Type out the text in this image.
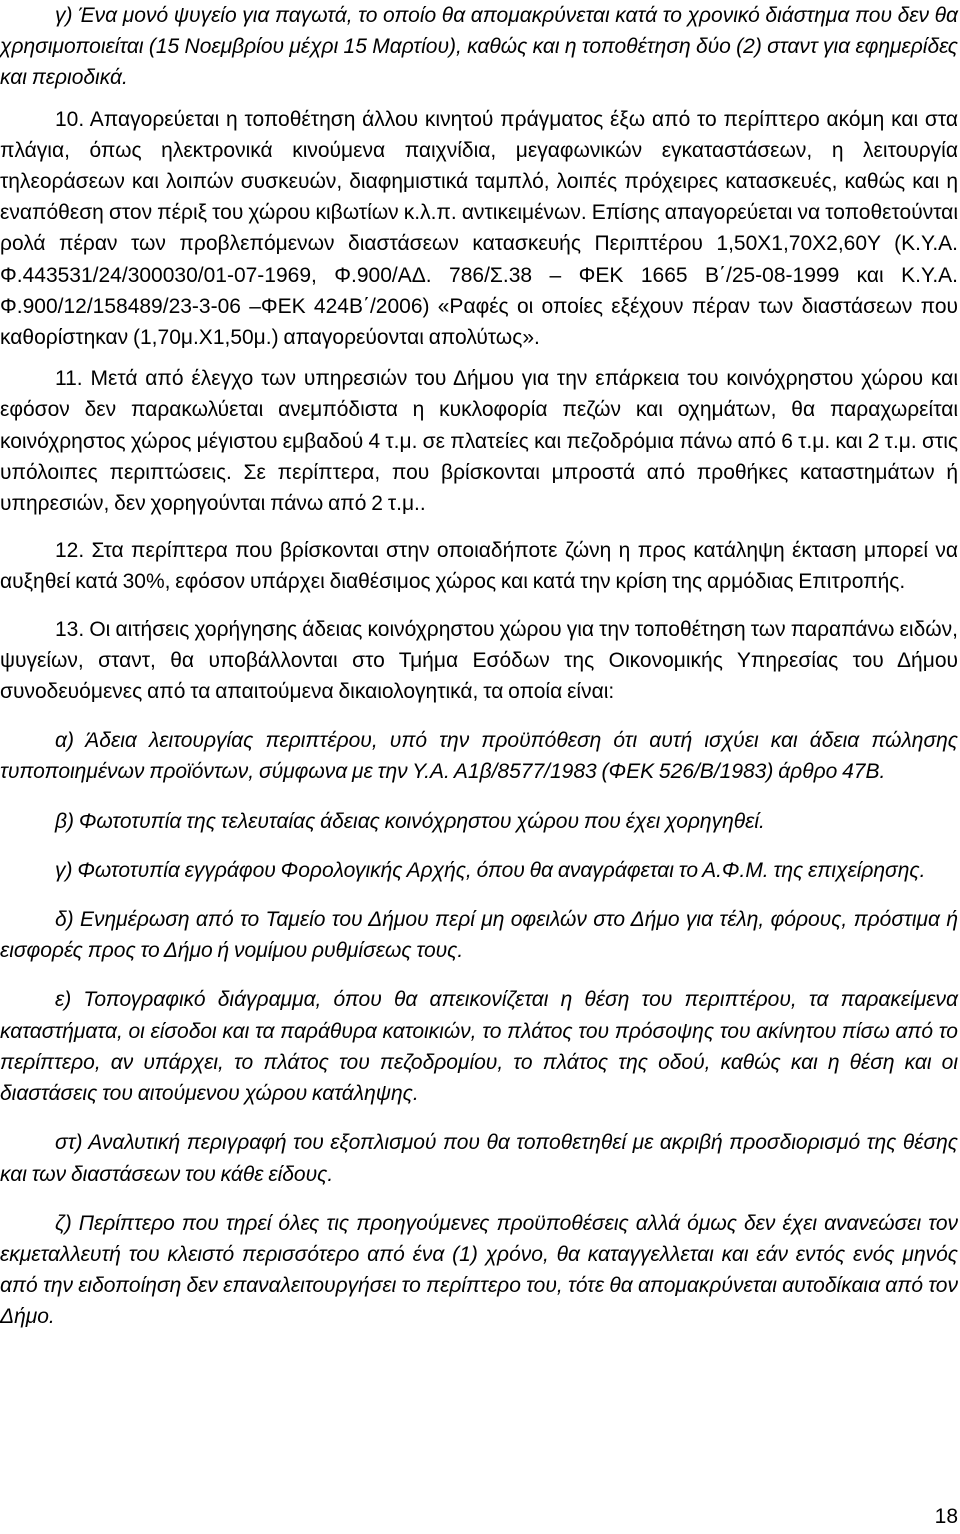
γ) Ένα μονό ψυγείο για παγωτά, το οποίο θα απομακρύνεται κατά το χρονικό διάστημα που δεν θα χρησιμοποιείται (15 Νοεμβρίου μέχρι 15 Μαρτίου), καθώς και η τοποθέτηση δύο (2) σταντ για εφημερίδες και περιοδικά.

10. Απαγορεύεται η τοποθέτηση άλλου κινητού πράγματος έξω από το περίπτερο ακόμη και στα πλάγια, όπως ηλεκτρονικά κινούμενα παιχνίδια, μεγαφωνικών εγκαταστάσεων, η λειτουργία τηλεοράσεων και λοιπών συσκευών, διαφημιστικά ταμπλό, λοιπές πρόχειρες κατασκευές, καθώς και η εναπόθεση στον πέριξ του χώρου κιβωτίων κ.λ.π. αντικειμένων. Επίσης απαγορεύεται να τοποθετούνται ρολά πέραν των προβλεπόμενων διαστάσεων κατασκευής Περιπτέρου 1,50Χ1,70Χ2,60Υ (Κ.Υ.Α. Φ.443531/24/300030/01-07-1969, Φ.900/ΑΔ. 786/Σ.38 – ΦΕΚ 1665 Β΄/25-08-1999 και Κ.Υ.Α. Φ.900/12/158489/23-3-06 –ΦΕΚ 424Β΄/2006) «Ραφές οι οποίες εξέχουν πέραν των διαστάσεων που καθορίστηκαν (1,70μ.Χ1,50μ.) απαγορεύονται απολύτως».

11. Μετά από έλεγχο των υπηρεσιών του Δήμου για την επάρκεια του κοινόχρηστου χώρου και εφόσον δεν παρακωλύεται ανεμπόδιστα η κυκλοφορία πεζών και οχημάτων, θα παραχωρείται κοινόχρηστος χώρος μέγιστου εμβαδού 4 τ.μ. σε πλατείες και πεζοδρόμια πάνω από 6 τ.μ. και 2 τ.μ. στις υπόλοιπες περιπτώσεις. Σε περίπτερα, που βρίσκονται μπροστά από προθήκες καταστημάτων ή υπηρεσιών, δεν χορηγούνται πάνω από 2 τ.μ..

12. Στα περίπτερα που βρίσκονται στην οποιαδήποτε ζώνη η προς κατάληψη έκταση μπορεί να αυξηθεί κατά 30%, εφόσον υπάρχει διαθέσιμος χώρος και κατά την κρίση της αρμόδιας Επιτροπής.

13. Οι αιτήσεις χορήγησης άδειας κοινόχρηστου χώρου για την τοποθέτηση των παραπάνω ειδών, ψυγείων, σταντ, θα υποβάλλονται στο Τμήμα Εσόδων της Οικονομικής Υπηρεσίας του Δήμου συνοδευόμενες από τα απαιτούμενα δικαιολογητικά, τα οποία είναι:

α) Άδεια λειτουργίας περιπτέρου, υπό την προϋπόθεση ότι αυτή ισχύει και άδεια πώλησης τυποποιημένων προϊόντων, σύμφωνα με την Υ.Α. Α1β/8577/1983 (ΦΕΚ 526/Β/1983) άρθρο 47Β.

β) Φωτοτυπία της τελευταίας άδειας κοινόχρηστου χώρου που έχει χορηγηθεί.

γ) Φωτοτυπία εγγράφου Φορολογικής Αρχής, όπου θα αναγράφεται το Α.Φ.Μ. της επιχείρησης.

δ) Ενημέρωση από το Ταμείο του Δήμου περί μη οφειλών στο Δήμο για τέλη, φόρους, πρόστιμα ή εισφορές προς το Δήμο ή νομίμου ρυθμίσεως τους.

ε) Τοπογραφικό διάγραμμα, όπου θα απεικονίζεται η θέση του περιπτέρου, τα παρακείμενα καταστήματα, οι είσοδοι και τα παράθυρα κατοικιών, το πλάτος του πρόσοψης του ακίνητου πίσω από το περίπτερο, αν υπάρχει, το πλάτος του πεζοδρομίου, το πλάτος της οδού, καθώς και η θέση και οι διαστάσεις του αιτούμενου χώρου κατάληψης.

στ) Αναλυτική περιγραφή του εξοπλισμού που θα τοποθετηθεί με ακριβή προσδιορισμό της θέσης και των διαστάσεων του κάθε είδους.

ζ) Περίπτερο που τηρεί όλες τις προηγούμενες προϋποθέσεις αλλά όμως δεν έχει ανανεώσει τον εκμεταλλευτή του κλειστό περισσότερο από ένα (1) χρόνο, θα καταγγελλεται και εάν εντός ενός μηνός από την ειδοποίηση δεν επαναλειτουργήσει το περίπτερο του, τότε θα απομακρύνεται αυτοδίκαια από τον Δήμο.

18
